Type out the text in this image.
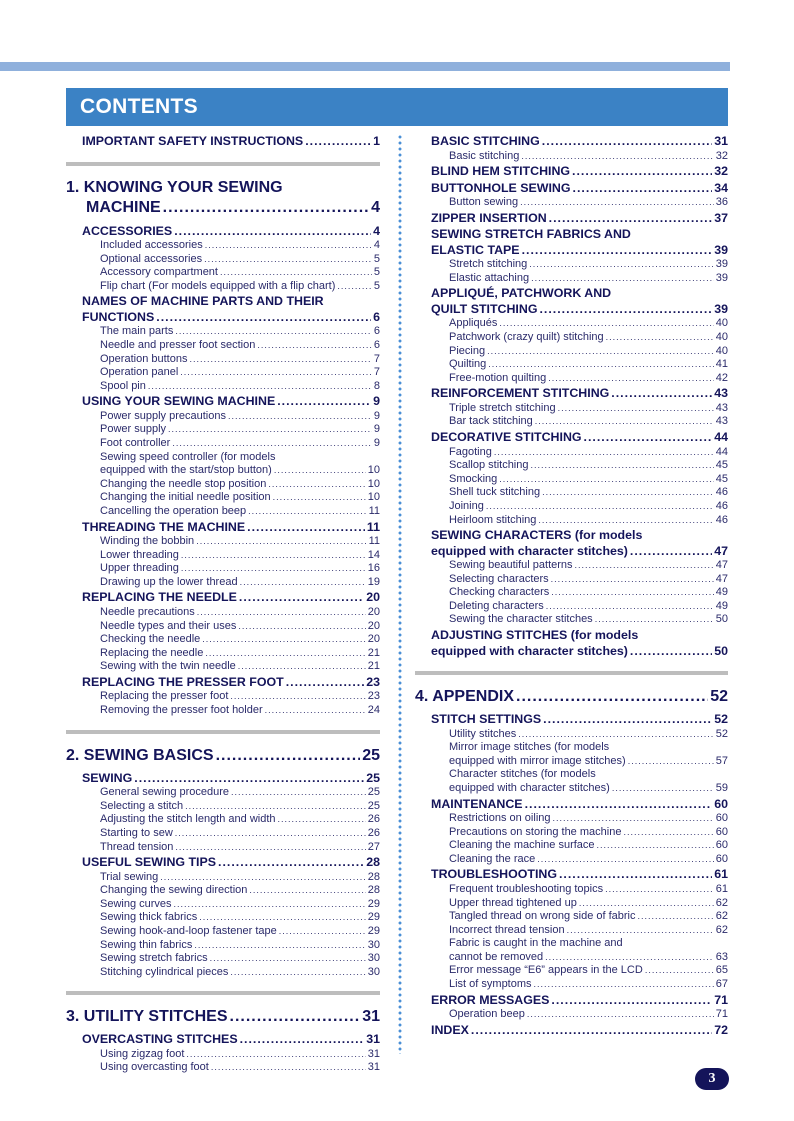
CONTENTS
IMPORTANT SAFETY INSTRUCTIONS .....	1
1. KNOWING YOUR SEWING
MACHINE .....	4
ACCESSORIES .....	4
Included accessories .....	4
Optional accessories .....	5
Accessory compartment .....	5
Flip chart (For models equipped with a flip chart) .....	5
NAMES OF MACHINE PARTS AND THEIR
FUNCTIONS .....	6
The main parts .....	6
Needle and presser foot section .....	6
Operation buttons .....	7
Operation panel .....	7
Spool pin .....	8
USING YOUR SEWING MACHINE .....	9
Power supply precautions .....	9
Power supply .....	9
Foot controller .....	9
Sewing speed controller (for models
equipped with the start/stop button) .....	10
Changing the needle stop position .....	10
Changing the initial needle position .....	10
Cancelling the operation beep .....	11
THREADING THE MACHINE .....	11
Winding the bobbin .....	11
Lower threading .....	14
Upper threading .....	16
Drawing up the lower thread .....	19
REPLACING THE NEEDLE .....	20
Needle precautions .....	20
Needle types and their uses .....	20
Checking the needle .....	20
Replacing the needle .....	21
Sewing with the twin needle .....	21
REPLACING THE PRESSER FOOT .....	23
Replacing the presser foot .....	23
Removing the presser foot holder .....	24
2. SEWING BASICS .....	25
SEWING .....	25
General sewing procedure .....	25
Selecting a stitch .....	25
Adjusting the stitch length and width .....	26
Starting to sew .....	26
Thread tension .....	27
USEFUL SEWING TIPS .....	28
Trial sewing .....	28
Changing the sewing direction .....	28
Sewing curves .....	29
Sewing thick fabrics .....	29
Sewing hook-and-loop fastener tape .....	29
Sewing thin fabrics .....	30
Sewing stretch fabrics .....	30
Stitching cylindrical pieces .....	30
3. UTILITY STITCHES .....	31
OVERCASTING STITCHES .....	31
Using zigzag foot .....	31
Using overcasting foot .....	31
BASIC STITCHING .....	31
Basic stitching .....	32
BLIND HEM STITCHING .....	32
BUTTONHOLE SEWING .....	34
Button sewing .....	36
ZIPPER INSERTION .....	37
SEWING STRETCH FABRICS AND
ELASTIC TAPE .....	39
Stretch stitching .....	39
Elastic attaching .....	39
APPLIQUÉ, PATCHWORK AND
QUILT STITCHING .....	39
Appliqués .....	40
Patchwork (crazy quilt) stitching .....	40
Piecing .....	40
Quilting .....	41
Free-motion quilting .....	42
REINFORCEMENT STITCHING .....	43
Triple stretch stitching .....	43
Bar tack stitching .....	43
DECORATIVE STITCHING .....	44
Fagoting .....	44
Scallop stitching .....	45
Smocking .....	45
Shell tuck stitching .....	46
Joining .....	46
Heirloom stitching .....	46
SEWING CHARACTERS (for models
equipped with character stitches) .....	47
Sewing beautiful patterns .....	47
Selecting characters .....	47
Checking characters .....	49
Deleting characters .....	49
Sewing the character stitches .....	50
ADJUSTING STITCHES (for models
equipped with character stitches) .....	50
4. APPENDIX .....	52
STITCH SETTINGS .....	52
Utility stitches .....	52
Mirror image stitches (for models
equipped with mirror image stitches) .....	57
Character stitches (for models
equipped with character stitches) .....	59
MAINTENANCE .....	60
Restrictions on oiling .....	60
Precautions on storing the machine .....	60
Cleaning the machine surface .....	60
Cleaning the race .....	60
TROUBLESHOOTING .....	61
Frequent troubleshooting topics .....	61
Upper thread tightened up .....	62
Tangled thread on wrong side of fabric .....	62
Incorrect thread tension .....	62
Fabric is caught in the machine and
cannot be removed .....	63
Error message “E6” appears in the LCD .....	65
List of symptoms .....	67
ERROR MESSAGES .....	71
Operation beep .....	71
INDEX .....	72
3
